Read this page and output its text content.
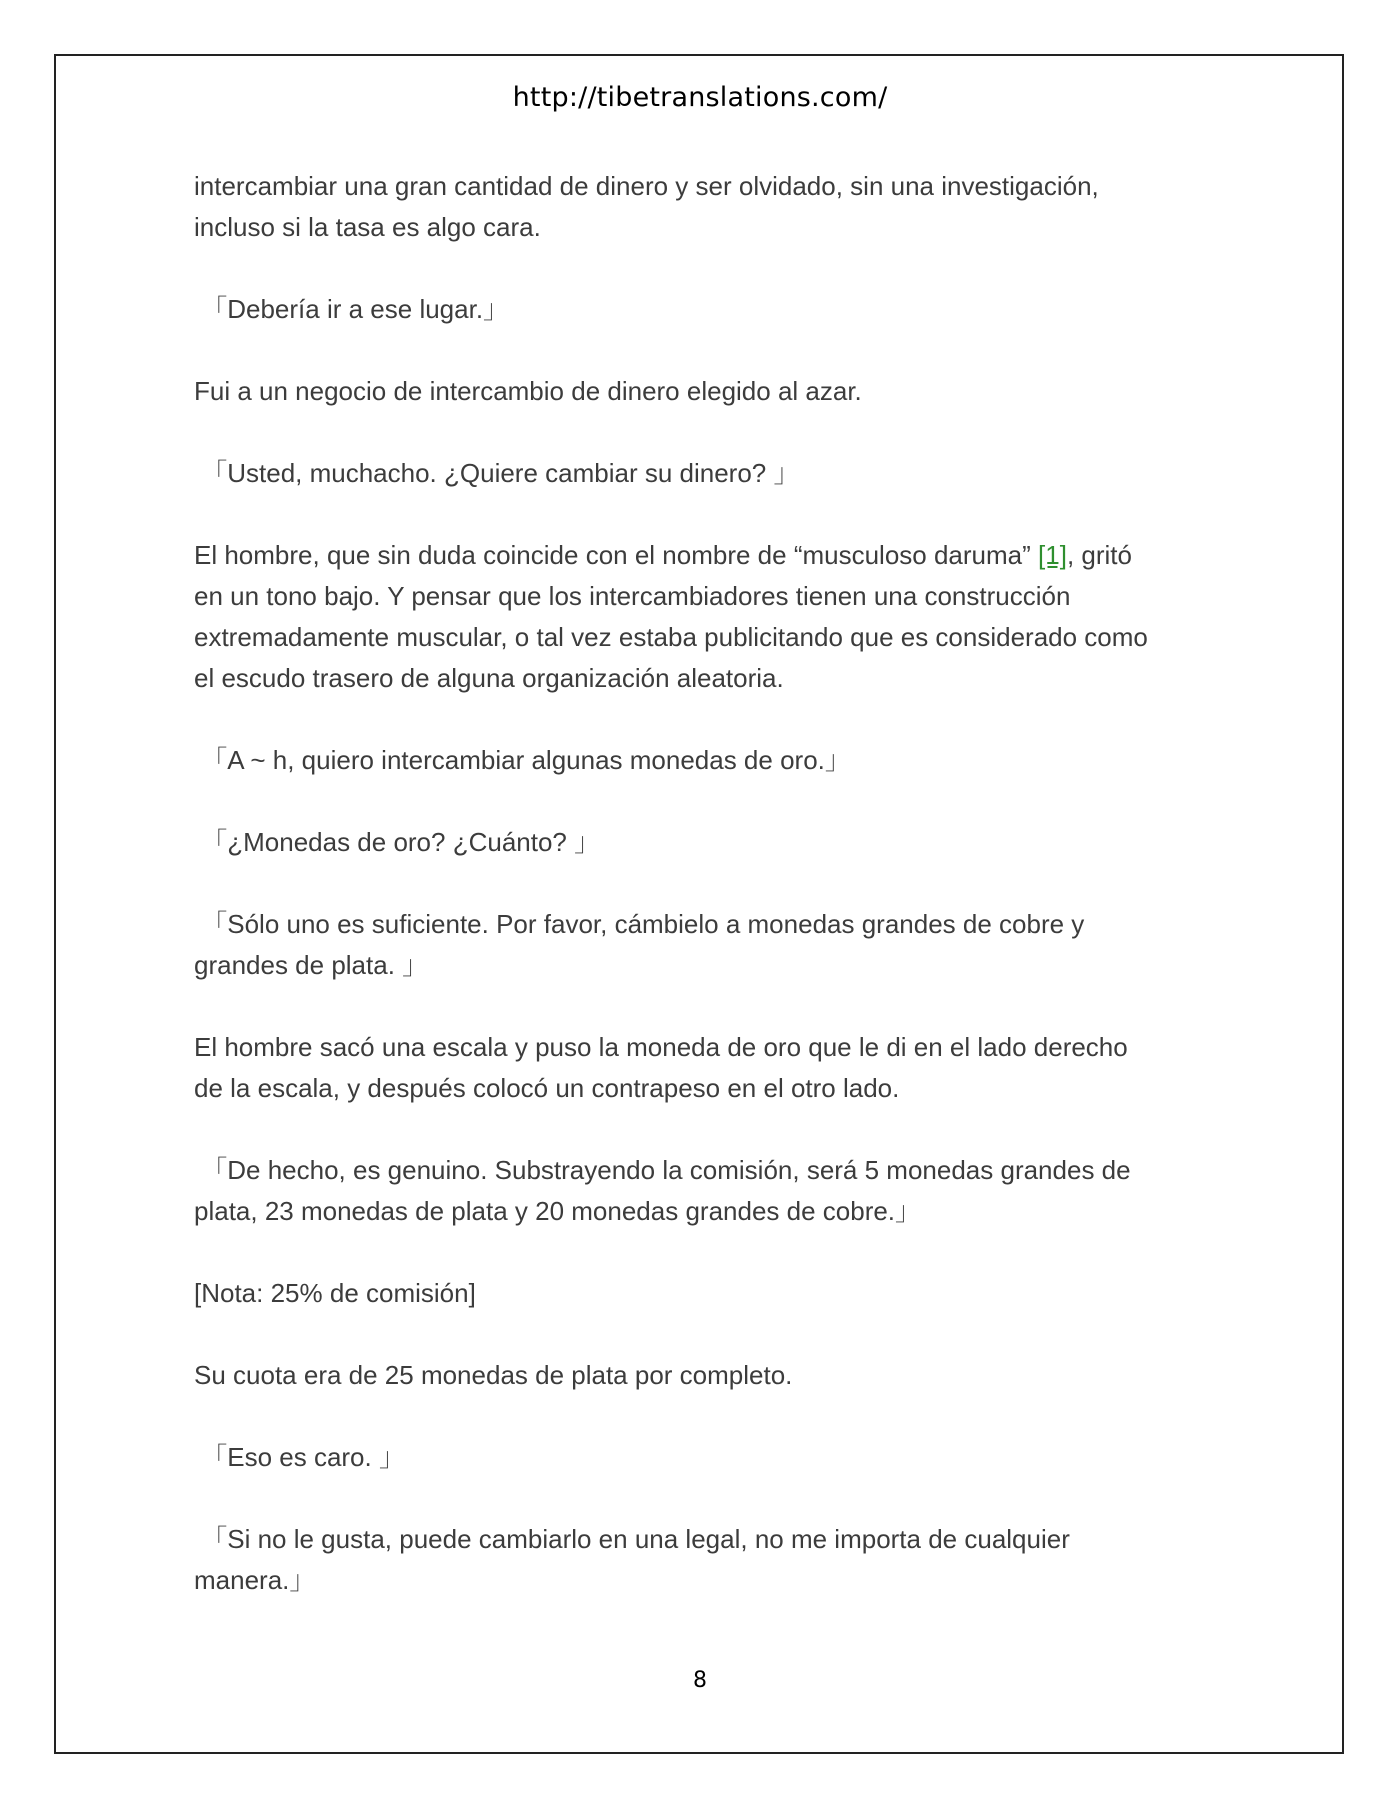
http://tibetranslations.com/

intercambiar una gran cantidad de dinero y ser olvidado, sin una investigación,
incluso si la tasa es algo cara.

「Debería ir a ese lugar.」

Fui a un negocio de intercambio de dinero elegido al azar.

「Usted, muchacho. ¿Quiere cambiar su dinero? 」

El hombre, que sin duda coincide con el nombre de “musculoso daruma” [1], gritó
en un tono bajo. Y pensar que los intercambiadores tienen una construcción
extremadamente muscular, o tal vez estaba publicitando que es considerado como
el escudo trasero de alguna organización aleatoria.

「A ~ h, quiero intercambiar algunas monedas de oro.」

「¿Monedas de oro? ¿Cuánto? 」

「Sólo uno es suficiente. Por favor, cámbielo a monedas grandes de cobre y
grandes de plata. 」

El hombre sacó una escala y puso la moneda de oro que le di en el lado derecho
de la escala, y después colocó un contrapeso en el otro lado.

「De hecho, es genuino. Substrayendo la comisión, será 5 monedas grandes de
plata, 23 monedas de plata y 20 monedas grandes de cobre.」

[Nota: 25% de comisión]

Su cuota era de 25 monedas de plata por completo.

「Eso es caro. 」

「Si no le gusta, puede cambiarlo en una legal, no me importa de cualquier
manera.」

8
